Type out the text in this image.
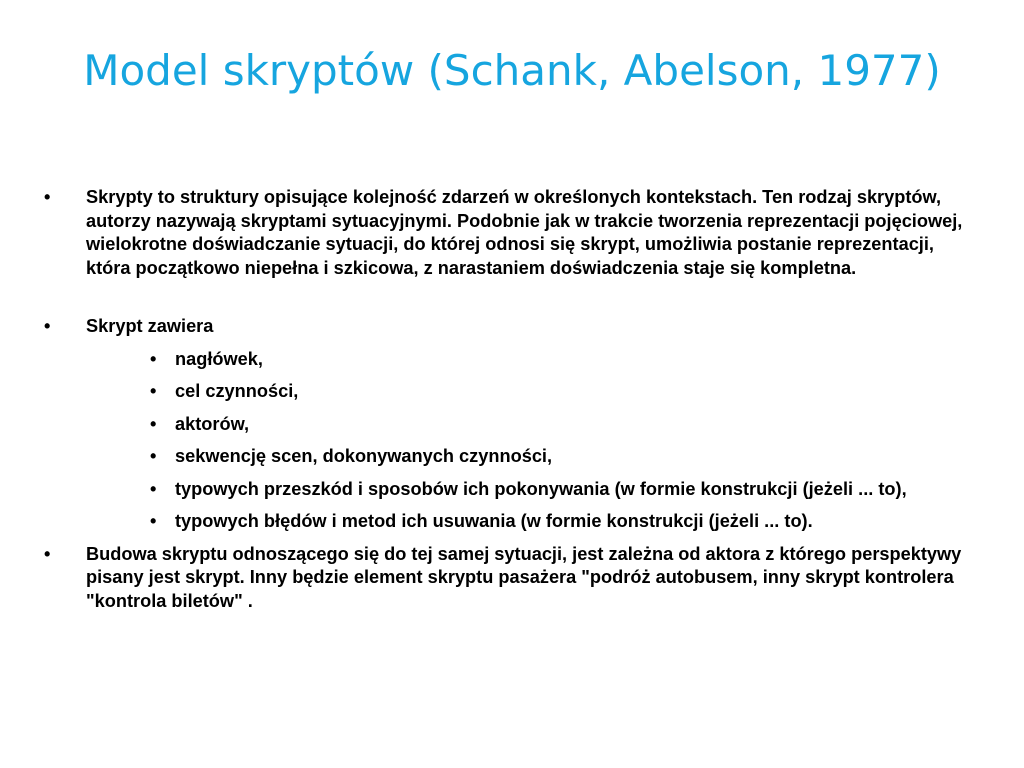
Model skryptów (Schank, Abelson, 1977)
• Skrypty to struktury opisujące kolejność zdarzeń w określonych kontekstach. Ten rodzaj skryptów, autorzy nazywają skryptami sytuacyjnymi. Podobnie jak w trakcie tworzenia reprezentacji pojęciowej, wielokrotne doświadczanie sytuacji, do której odnosi się skrypt, umożliwia postanie reprezentacji, która początkowo niepełna i szkicowa, z narastaniem doświadczenia staje się kompletna.
• Skrypt zawiera
• nagłówek,
• cel czynności,
• aktorów,
• sekwencję scen, dokonywanych czynności,
• typowych przeszkód i sposobów ich pokonywania (w formie konstrukcji (jeżeli ... to),
• typowych błędów i metod ich usuwania (w formie konstrukcji (jeżeli ... to).
• Budowa skryptu odnoszącego się do tej samej sytuacji, jest zależna od aktora z którego perspektywy pisany jest skrypt. Inny będzie element skryptu pasażera "podróż autobusem, inny skrypt kontrolera "kontrola biletów" .
